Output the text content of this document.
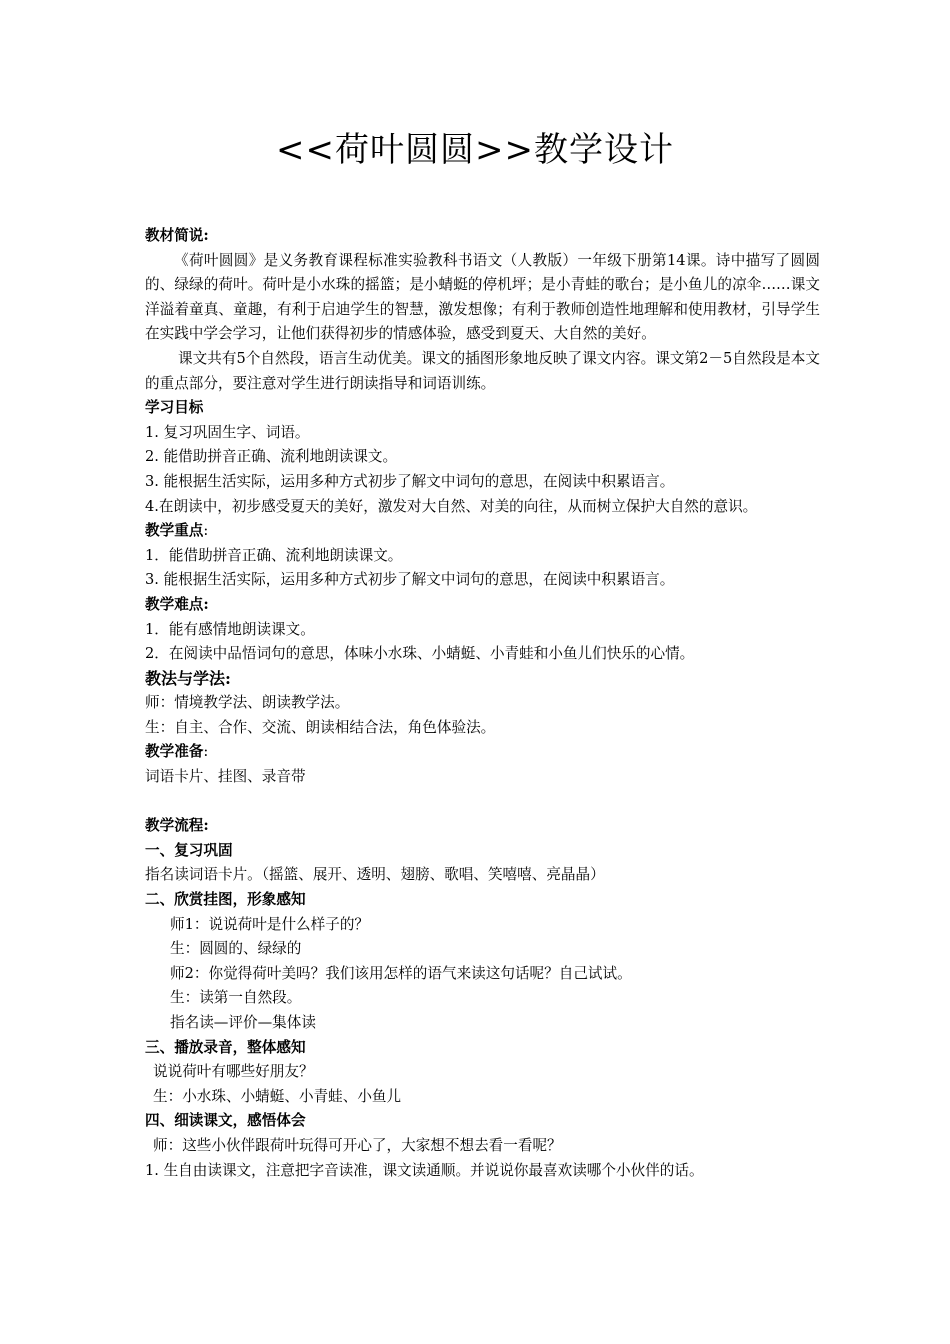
<<荷叶圆圆>>教学设计
教材简说:
《荷叶圆圆》是义务教育课程标准实验教科书语文（人教版）一年级下册第14课。诗中描写了圆圆的、绿绿的荷叶。荷叶是小水珠的摇篮；是小蜻蜓的停机坪；是小青蛙的歌台；是小鱼儿的凉伞……课文洋溢着童真、童趣，有利于启迪学生的智慧，激发想像；有利于教师创造性地理解和使用教材，引导学生在实践中学会学习，让他们获得初步的情感体验，感受到夏天、大自然的美好。
课文共有5个自然段，语言生动优美。课文的插图形象地反映了课文内容。课文第2－5自然段是本文的重点部分，要注意对学生进行朗读指导和词语训练。
学习目标
1. 复习巩固生字、词语。
2. 能借助拼音正确、流利地朗读课文。
3. 能根据生活实际，运用多种方式初步了解文中词句的意思，在阅读中积累语言。
4.在朗读中，初步感受夏天的美好，激发对大自然、对美的向往，从而树立保护大自然的意识。
教学重点:
1．能借助拼音正确、流利地朗读课文。
3. 能根据生活实际，运用多种方式初步了解文中词句的意思，在阅读中积累语言。
教学难点:
1．能有感情地朗读课文。
2．在阅读中品悟词句的意思，体味小水珠、小蜻蜓、小青蛙和小鱼儿们快乐的心情。
教法与学法:
师：情境教学法、朗读教学法。
生：自主、合作、交流、朗读相结合法，角色体验法。
教学准备:
词语卡片、挂图、录音带
教学流程:
一、复习巩固
指名读词语卡片。（摇篮、展开、透明、翅膀、歌唱、笑嘻嘻、亮晶晶）
二、欣赏挂图，形象感知
师1：说说荷叶是什么样子的？
生：圆圆的、绿绿的
师2：你觉得荷叶美吗？我们该用怎样的语气来读这句话呢？自己试试。
生：读第一自然段。
指名读—评价—集体读
三、播放录音，整体感知
说说荷叶有哪些好朋友？
生：小水珠、小蜻蜓、小青蛙、小鱼儿
四、细读课文，感悟体会
师：这些小伙伴跟荷叶玩得可开心了，大家想不想去看一看呢？
1. 生自由读课文，注意把字音读准，课文读通顺。并说说你最喜欢读哪个小伙伴的话。
